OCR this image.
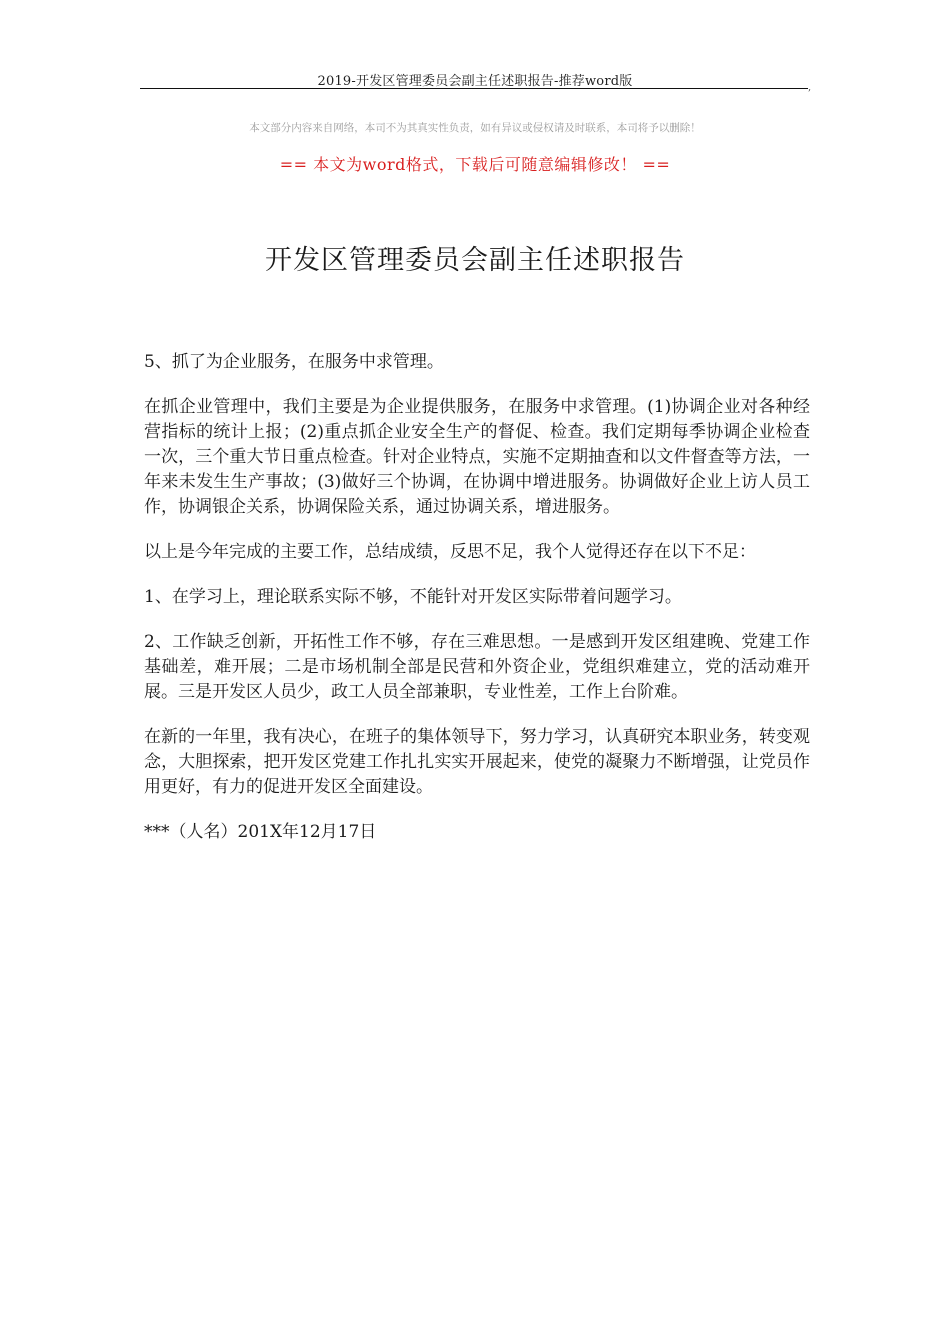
2019-开发区管理委员会副主任述职报告-推荐word版	,
本文部分内容来自网络，本司不为其真实性负责，如有异议或侵权请及时联系，本司将予以删除！
== 本文为word格式，下载后可随意编辑修改！ ==
开发区管理委员会副主任述职报告

5、抓了为企业服务，在服务中求管理。

在抓企业管理中，我们主要是为企业提供服务，在服务中求管理。(1)协调企业对各种经营指标的统计上报；(2)重点抓企业安全生产的督促、检查。我们定期每季协调企业检查一次，三个重大节日重点检查。针对企业特点，实施不定期抽查和以文件督查等方法，一年来未发生生产事故；(3)做好三个协调，在协调中增进服务。协调做好企业上访人员工作，协调银企关系，协调保险关系，通过协调关系，增进服务。

以上是今年完成的主要工作，总结成绩，反思不足，我个人觉得还存在以下不足：

1、在学习上，理论联系实际不够，不能针对开发区实际带着问题学习。

2、工作缺乏创新，开拓性工作不够，存在三难思想。一是感到开发区组建晚、党建工作基础差，难开展；二是市场机制全部是民营和外资企业，党组织难建立，党的活动难开展。三是开发区人员少，政工人员全部兼职，专业性差，工作上台阶难。

在新的一年里，我有决心，在班子的集体领导下，努力学习，认真研究本职业务，转变观念，大胆探索，把开发区党建工作扎扎实实开展起来，使党的凝聚力不断增强，让党员作用更好，有力的促进开发区全面建设。

***（人名）201X年12月17日
